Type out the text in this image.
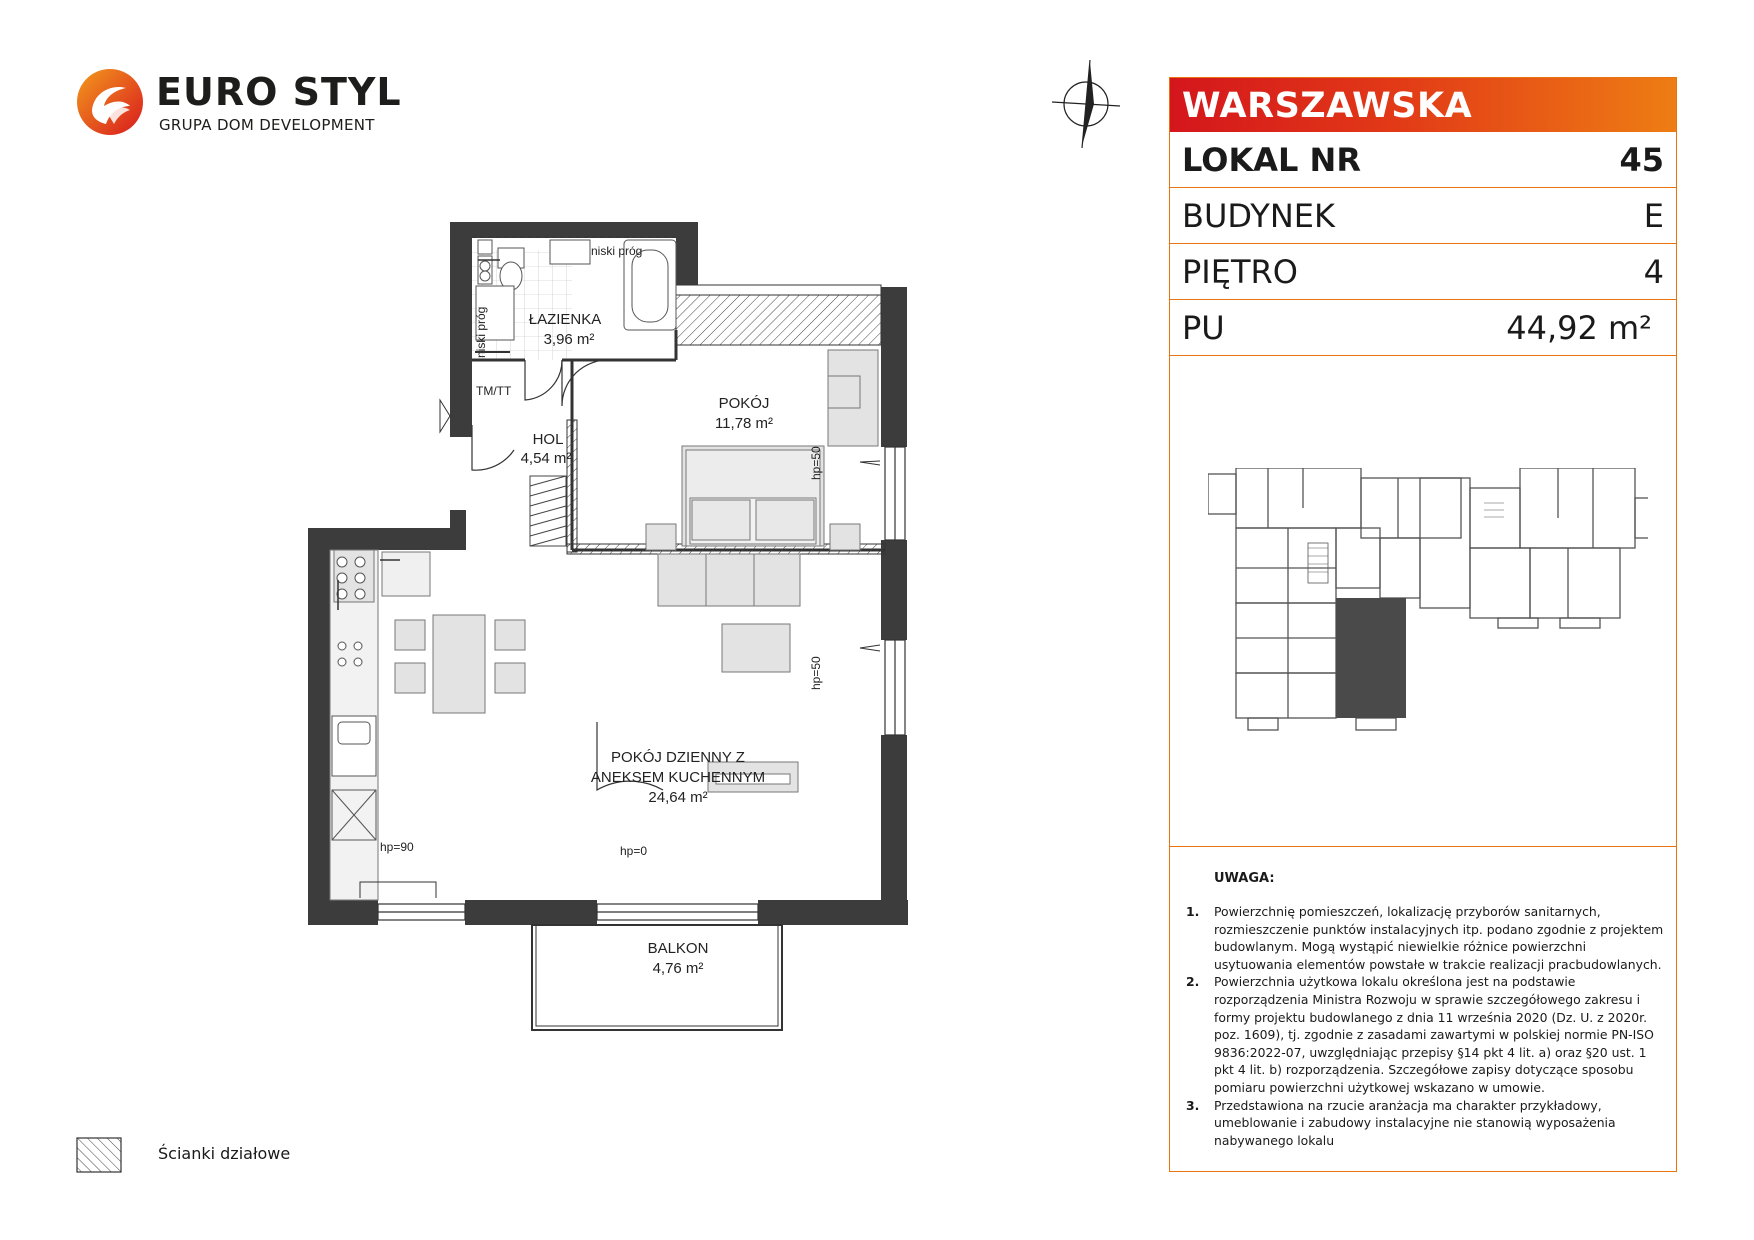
EURO STYL
GRUPA DOM DEVELOPMENT	WARSZAWSKA
LOKAL NR	45
BUDYNEK	E
PIĘTRO	4
PU	44,92 m²
UWAGA:
1. Powierzchnię pomieszczeń, lokalizację przyborów sanitarnych, rozmieszczenie punktów instalacyjnych itp. podano zgodnie z projektem budowlanym. Mogą wystąpić niewielkie różnice powierzchni usytuowania elementów powstałe w trakcie realizacji pracbudowlanych.
2. Powierzchnia użytkowa lokalu określona jest na podstawie rozporządzenia Ministra Rozwoju w sprawie szczegółowego zakresu i formy projektu budowlanego z dnia 11 września 2020 (Dz. U. z 2020r. poz. 1609), tj. zgodnie z zasadami zawartymi w polskiej normie PN-ISO 9836:2022-07, uwzględniając przepisy §14 pkt 4 lit. a) oraz §20 ust. 1 pkt 4 lit. b) rozporządzenia. Szczegółowe zapisy dotyczące sposobu pomiaru powierzchni użytkowej wskazano w umowie.
3. Przedstawiona na rzucie aranżacja ma charakter przykładowy, umeblowanie i zabudowy instalacyjne nie stanowią wyposażenia nabywanego lokalu
niski próg
niski próg
hp=50
hp=50
hp=90	hp=0
TM/TT
ŁAZIENKA
3,96 m²
HOL
4,54 m²
POKÓJ
11,78 m²
POKÓJ DZIENNY Z
ANEKSEM KUCHENNYM
24,64 m²
BALKON
4,76 m²
Ścianki działowe
